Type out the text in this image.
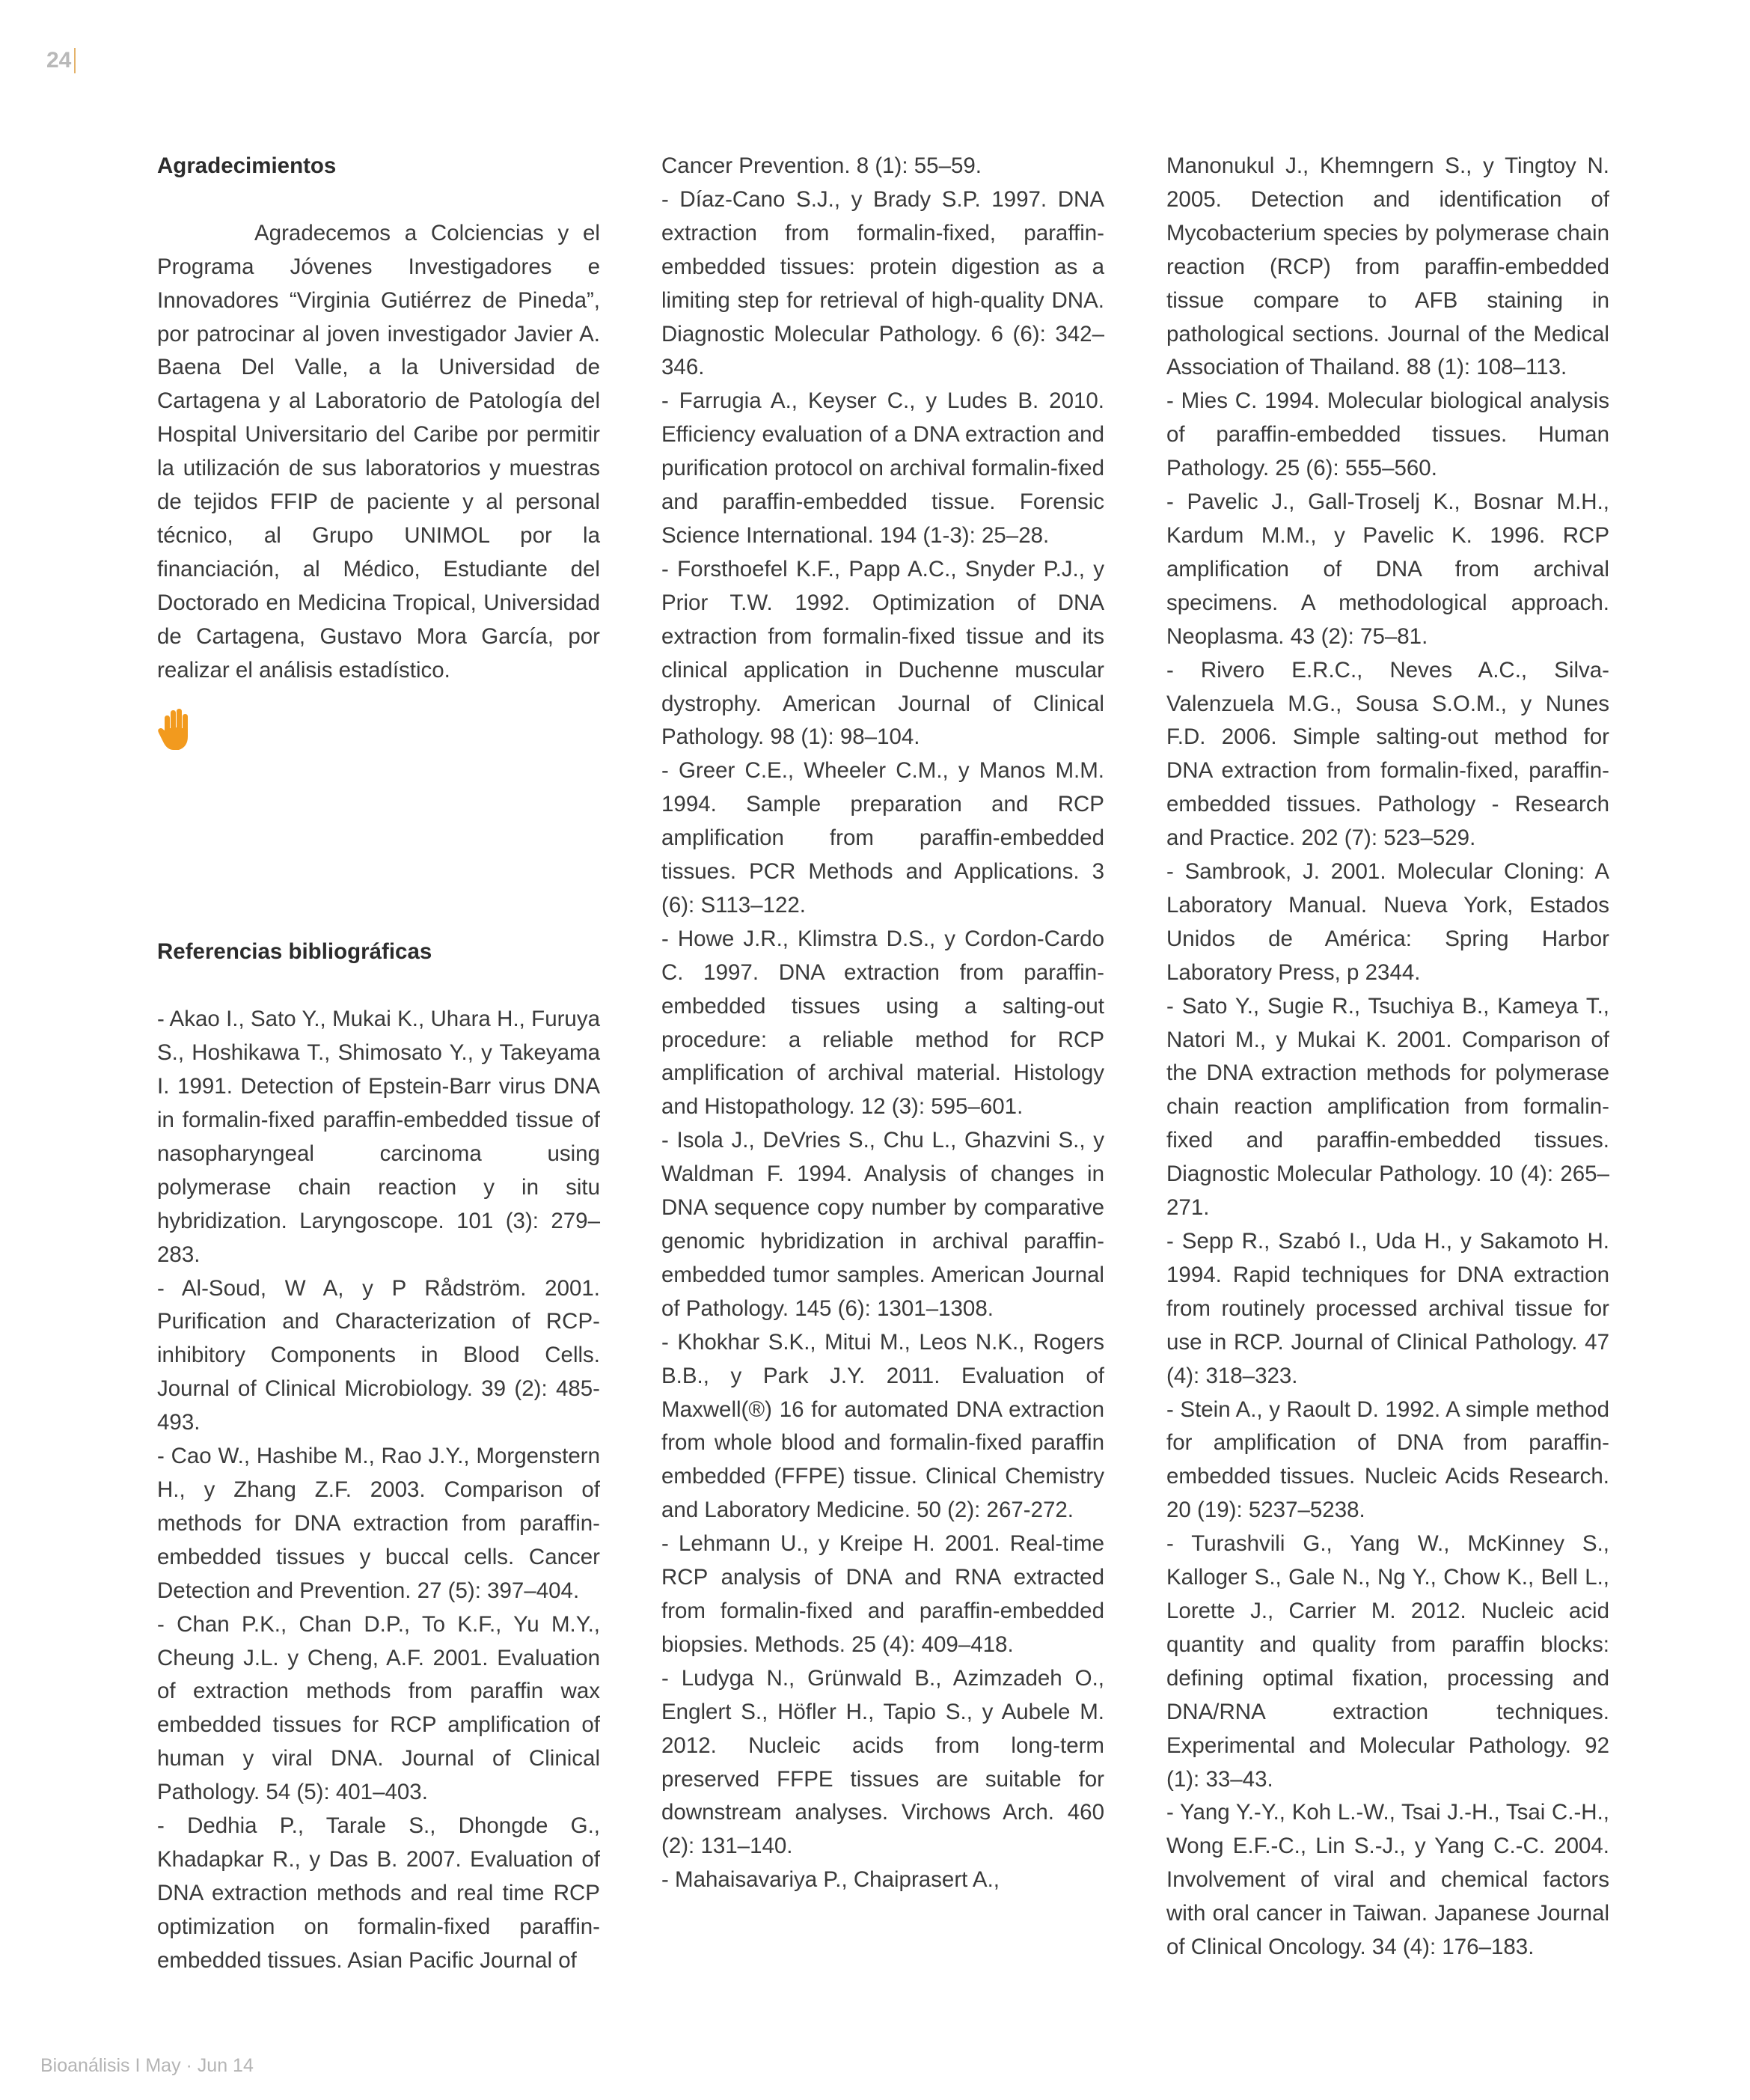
24
Agradecimientos

Agradecemos a Colciencias y el Programa Jóvenes Investigadores e Innovadores “Virginia Gutiérrez de Pineda”, por patrocinar al joven investigador Javier A. Baena Del Valle, a la Universidad de Cartagena y al Laboratorio de Patología del Hospital Universitario del Caribe por permitir la utilización de sus laboratorios y muestras de tejidos FFIP de paciente y al personal técnico, al Grupo UNIMOL por la financiación, al Médico, Estudiante del Doctorado en Medicina Tropical, Universidad de Cartagena, Gustavo Mora García, por realizar el análisis estadístico.

Referencias bibliográficas

- Akao I., Sato Y., Mukai K., Uhara H., Furuya S., Hoshikawa T., Shimosato Y., y Takeyama I. 1991. Detection of Epstein-Barr virus DNA in formalin-fixed paraffin-embedded tissue of nasopharyngeal carcinoma using polymerase chain reaction y in situ hybridization. Laryngoscope. 101 (3): 279–283.

- Al-Soud, W A, y P Rådström. 2001. Purification and Characterization of RCP-inhibitory Components in Blood Cells. Journal of Clinical Microbiology. 39 (2): 485-493.

- Cao W., Hashibe M., Rao J.Y., Morgenstern H., y Zhang Z.F. 2003. Comparison of methods for DNA extraction from paraffin-embedded tissues y buccal cells. Cancer Detection and Prevention. 27 (5): 397–404.

- Chan P.K., Chan D.P., To K.F., Yu M.Y., Cheung J.L. y Cheng, A.F. 2001. Evaluation of extraction methods from paraffin wax embedded tissues for RCP amplification of human y viral DNA. Journal of Clinical Pathology. 54 (5): 401–403.

- Dedhia P., Tarale S., Dhongde G., Khadapkar R., y Das B. 2007. Evaluation of DNA extraction methods and real time RCP optimization on formalin-fixed paraffin-embedded tissues. Asian Pacific Journal of

Cancer Prevention. 8 (1): 55–59.

- Díaz-Cano S.J., y Brady S.P. 1997. DNA extraction from formalin-fixed, paraffin-embedded tissues: protein digestion as a limiting step for retrieval of high-quality DNA. Diagnostic Molecular Pathology. 6 (6): 342–346.

- Farrugia A., Keyser C., y Ludes B. 2010. Efficiency evaluation of a DNA extraction and purification protocol on archival formalin-fixed and paraffin-embedded tissue. Forensic Science International. 194 (1-3): 25–28.

- Forsthoefel K.F., Papp A.C., Snyder P.J., y Prior T.W. 1992. Optimization of DNA extraction from formalin-fixed tissue and its clinical application in Duchenne muscular dystrophy. American Journal of Clinical Pathology. 98 (1): 98–104.

- Greer C.E., Wheeler C.M., y Manos M.M. 1994. Sample preparation and RCP amplification from paraffin-embedded tissues. PCR Methods and Applications. 3 (6): S113–122.

- Howe J.R., Klimstra D.S., y Cordon-Cardo C. 1997. DNA extraction from paraffin-embedded tissues using a salting-out procedure: a reliable method for RCP amplification of archival material. Histology and Histopathology. 12 (3): 595–601.

- Isola J., DeVries S., Chu L., Ghazvini S., y Waldman F. 1994. Analysis of changes in DNA sequence copy number by comparative genomic hybridization in archival paraffin-embedded tumor samples. American Journal of Pathology. 145 (6): 1301–1308.

- Khokhar S.K., Mitui M., Leos N.K., Rogers B.B., y Park J.Y. 2011. Evaluation of Maxwell(®) 16 for automated DNA extraction from whole blood and formalin-fixed paraffin embedded (FFPE) tissue. Clinical Chemistry and Laboratory Medicine. 50 (2): 267-272.

- Lehmann U., y Kreipe H. 2001. Real-time RCP analysis of DNA and RNA extracted from formalin-fixed and paraffin-embedded biopsies. Methods. 25 (4): 409–418.

- Ludyga N., Grünwald B., Azimzadeh O., Englert S., Höfler H., Tapio S., y Aubele M. 2012. Nucleic acids from long-term preserved FFPE tissues are suitable for downstream analyses. Virchows Arch. 460 (2): 131–140.

- Mahaisavariya P., Chaiprasert A.,

Manonukul J., Khemngern S., y Tingtoy N. 2005. Detection and identification of Mycobacterium species by polymerase chain reaction (RCP) from paraffin-embedded tissue compare to AFB staining in pathological sections. Journal of the Medical Association of Thailand. 88 (1): 108–113.

- Mies C. 1994. Molecular biological analysis of paraffin-embedded tissues. Human Pathology. 25 (6): 555–560.

- Pavelic J., Gall-Troselj K., Bosnar M.H., Kardum M.M., y Pavelic K. 1996. RCP amplification of DNA from archival specimens. A methodological approach. Neoplasma. 43 (2): 75–81.

- Rivero E.R.C., Neves A.C., Silva-Valenzuela M.G., Sousa S.O.M., y Nunes F.D. 2006. Simple salting-out method for DNA extraction from formalin-fixed, paraffin-embedded tissues. Pathology - Research and Practice. 202 (7): 523–529.

- Sambrook, J. 2001. Molecular Cloning: A Laboratory Manual. Nueva York, Estados Unidos de América: Spring Harbor Laboratory Press, p 2344.

- Sato Y., Sugie R., Tsuchiya B., Kameya T., Natori M., y Mukai K. 2001. Comparison of the DNA extraction methods for polymerase chain reaction amplification from formalin-fixed and paraffin-embedded tissues. Diagnostic Molecular Pathology. 10 (4): 265–271.

- Sepp R., Szabó I., Uda H., y Sakamoto H. 1994. Rapid techniques for DNA extraction from routinely processed archival tissue for use in RCP. Journal of Clinical Pathology. 47 (4): 318–323.

- Stein A., y Raoult D. 1992. A simple method for amplification of DNA from paraffin-embedded tissues. Nucleic Acids Research. 20 (19): 5237–5238.

- Turashvili G., Yang W., McKinney S., Kalloger S., Gale N., Ng Y., Chow K., Bell L., Lorette J., Carrier M. 2012. Nucleic acid quantity and quality from paraffin blocks: defining optimal fixation, processing and DNA/RNA extraction techniques. Experimental and Molecular Pathology. 92 (1): 33–43.

- Yang Y.-Y., Koh L.-W., Tsai J.-H., Tsai C.-H., Wong E.F.-C., Lin S.-J., y Yang C.-C. 2004. Involvement of viral and chemical factors with oral cancer in Taiwan. Japanese Journal of Clinical Oncology. 34 (4): 176–183.

Bioanálisis I May · Jun 14
